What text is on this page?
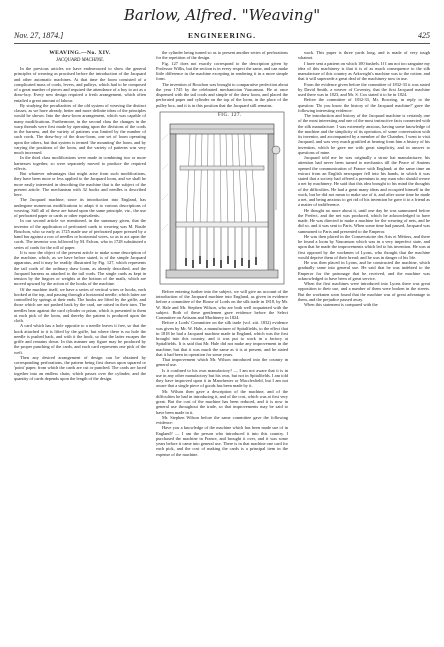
Barlow, Alfred. "Weaving"
Nov. 27, 1874.]	ENGINEERING.	425
WEAVING.—No. XIV.
JACQUARD MACHINE.

In the previous articles we have endeavoured to show the general principles of weaving as practised before the introduction of the Jacquard and other automatic machines. At that time the loom consisted of a complicated mass of cords, levers, and pulleys, which had to be composed of a great number of pieces and required the attendance of a boy to act as a draw-boy. Every new design required a fresh arrangement, which often entailed a great amount of labour.

By studying the peculiarities of the old system of weaving the distinct classes, as we have already, better and more definite ideas of the principles would be shown. Into the draw-loom arrangement, which was capable of many modifications. Furthermore, in the second class the changes in the warp threads were first made by operating upon the divisions of the cords in the harness, and the variety of patterns was limited by the number of such cords. The draw-boy of the draw-loom, one set of loom operating upon the others, but that system is termed 'the mounting' the loom, and by varying the positions of the loom, and the variety of patterns was very much increased.

In the third class modifications were made in combining two or more harnesses together, so were separately moved to produce the required effects.

But whatever advantages that might arise from such modifications, they have been more or less applied to the Jacquard loom, and we shall be more easily interested in describing the machine that is the subject of the present article. The mechanism with 32 hooks and needles is described here.

The Jacquard machine, since its introduction into England, has undergone numerous modifications to adapt it to various descriptions of weaving. Still all of these are based upon the same principle, viz., the use of perforated paper or cards or other equivalents.

In our second article we mentioned, in the summary given, that the inventor of the application of perforated cards to weaving was M. Basile Bouchon, who so early as 1725 made use of perforated paper pressed by a hand bar against a row of needles or horizontal wires, so as to act upon the cords. The inventor was followed by M. Falcon, who in 1728 substituted a series of cards for the roll of paper.

It is now the object of the present article to make some description of the machine, which, as we have before stated, is of the simple Jacquard apparatus, and it may be readily illustrated by Fig. 127, which represents the tail cords of the ordinary draw loom, as already described, and the Jacquard harness as attached to the tail cords. The single cards as kept in tension by the lingoes or weights at the bottom of the mails, which are moved upward by the action of the hooks of the machine.

Of the machine itself, we have a series of vertical wires or hooks, each hooked at the top, and passing through a horizontal needle, which latter are controlled by springs at their ends. The hooks are lifted by the griffe, and those which are not pushed back by the card, are raised in their turn. The needles bear against the card cylinder or prism, which is presented to them at each pick of the loom, and thereby the pattern is produced upon the cloth.

A card which has a hole opposite to a needle leaves it free, so that the hook attached to it is lifted by the griffe, but where there is no hole the needle is pushed back, and with it the hook, so that the latter escapes the griffe and remains down. In this manner any figure may be produced by the proper punching of the cards, and each card represents one pick of the weft.

Then any desired arrangement of design can be obtained by corresponding perforations, the pattern being first drawn upon squared or 'point' paper, from which the cards are cut or punched. The cards are laced together into an endless chain, which passes over the cylinder, and the quantity of cards depends upon the length of the design.

the cylinder being turned so as to present another series of perforations for the repetition of the design.

Fig. 127 does not exactly correspond to the description given by Professor Willis, but the section is in every respect the same, and can make little difference in the machine excepting in rendering it in a more simple form.

The invention of Bouchon was brought to comparative perfection about the year 1745 by the celebrated mechanician Vaucanson. He at once dispensed with the tail cords and simple of the draw loom, and placed the perforated paper and cylinder on the top of the loom, in the place of the pulley box, and it is in this position that the Jacquard still remains.

FIG. 127.

Before entering further into the subject, we will give an account of the introduction of the Jacquard machine into England, as given in evidence before a committee of the House of Lords on the silk trade in 1818, by Mr. W. Hale and Mr. Stephen Wilson, who are both well acquainted with the subject. Both of these gentlemen gave evidence before the Select Committee on Artisans and Machinery in 1824.

Before a Lords' Committee on the silk trade (vol. xiii. 1832) evidence was given by Mr. W. Hale, a manufacturer of Spitalfields, to the effect that in 1818 he had a Jacquard machine made in England, which was the first brought into this country, and it was put to work in a factory at Spitalfields. It is said that Mr. Hale did not make any improvement in the machine, but that it was much the same as it is at present, and he stated that it had been in operation for some years.

That improvement which Mr. Wilson introduced into the country in general use.

Is it confined to his own manufactory? — I am not aware that it is in use in any other manufactory but his own, but not in Spitalfields. I am told they have improved upon it in Manchester or Macclesfield, but I am not aware that a single piece of goods has been made by it.

Mr. Wilson then gave a description of the machine, and of the difficulties he had in introducing it, and of the cost, which was at first very great. But the cost of the machine has been reduced, and it is now in general use throughout the trade, so that improvements may be said to have been made in it.

Mr. Stephen Wilson before the same committee gave the following evidence:

Have you a knowledge of the machine which has been made use of in England? — I am the person who introduced it into this country. I purchased the machine in France, and brought it over, and it was some years before it came into general use. There is in that machine one card for each pick, and the cost of making the cards is a principal item in the expense of the machine.

work. This paper is three yards long, and is made of very tough whatnot.

I have sent a pattern on which 100 bushels. If I am not too sanguine my idea of this machinery is that it is of as much consequence to the silk manufacture of this country as Arkwright's machine was to the cotton; and that it will supersede a great deal of the machinery now in use.

From the evidence given before the committee of 1832-33 it was stated by David Smith, a weaver of Coventry, that the first Jacquard machine used there was in 1823, and Mr. S. Cox stated it to be in 1824.

Before the committee of 1832-33, Mr. Bowring, in reply to the question: 'Do you know the history of the Jacquard machine?' gave the following interesting evidence:

The introduction and history of the Jacquard machine is certainly one of the most interesting and one of the most instructive facts connected with the silk manufacture. I was extremely anxious, having some knowledge of the machine and the simplicity of its operation, of some conversation with its inventor, and accompanied by a member of the Chamber, I went to visit Jacquard, and was very much gratified at hearing from him a history of his invention, which he gave me with great simplicity, and in answer to questions of mine.

Jacquard told me he was originally a straw hat manufacturer; his attention had never been turned to mechanics till the Peace of Amiens opened the communication of France with England; at the same time an extract from an English newspaper fell into his hands, in which it was stated that a society had offered a premium to any man who should weave a net by machinery. He said that this idea brought to his mind the thoughts of the difficulties. He had a great many ideas and occupied himself in the work, but he did not mean to make use of it, and after some time he made a net, and being anxious to get rid of his invention he gave it to a friend as a matter of indifference.

He thought no more about it, until one day he was summoned before the Prefect, and the net was produced, which he acknowledged to have made. He was directed to make a machine for the weaving of nets, and he did so, and it was sent to Paris. When some time had passed, Jacquard was summoned to Paris and presented to the Emperor.

He was then placed in the Conservatoire des Arts et Métiers, and there he found a loom by Vaucanson which was in a very imperfect state, and upon that he made the improvements which led to his invention. He was at first opposed by the workmen of Lyons, who thought that the machine would deprive them of their bread; and he was in danger of his life.

He was then placed in Lyons, and he constructed the machine, which gradually came into general use. He said that he was indebted to the Emperor for the patronage that he received, and the machine was acknowledged to have been of great service.

When the first machines were introduced into Lyons there was great opposition to their use, and a number of them were broken in the streets. But the workmen soon found that the machine was of great advantage to them, and the prejudice passed away.

When this statement is compared with the
